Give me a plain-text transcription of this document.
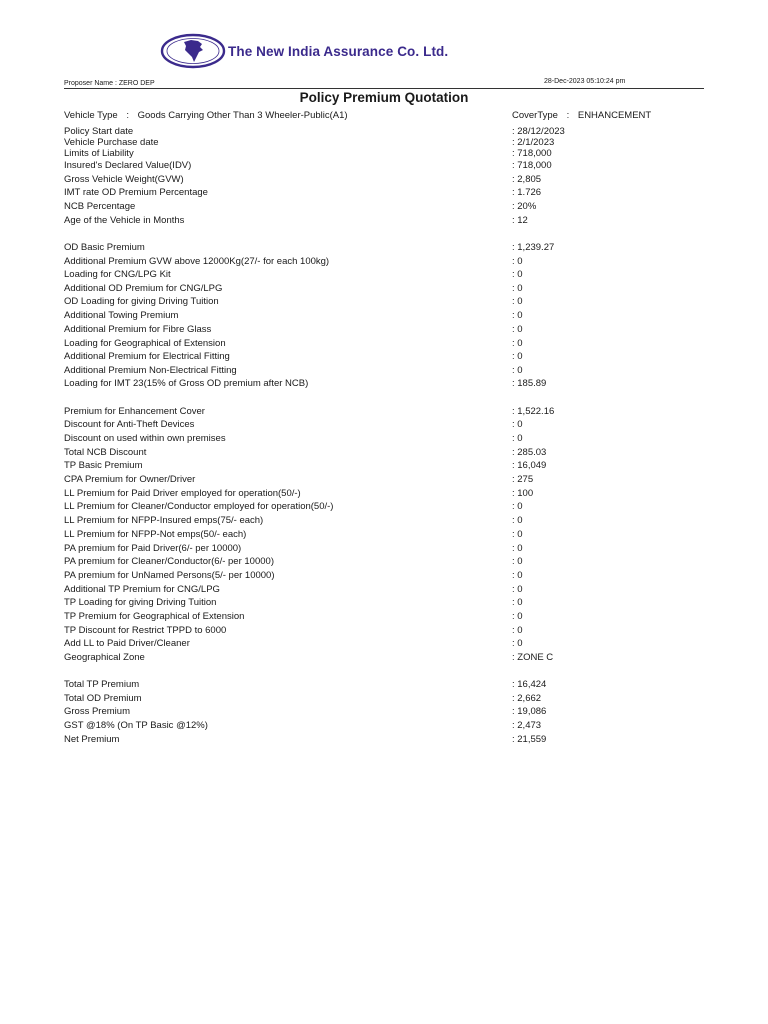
The New India Assurance Co. Ltd.
Proposer Name : ZERO DEP	28-Dec-2023 05:10:24 pm
Policy Premium Quotation
Vehicle Type : Goods Carrying Other Than 3 Wheeler-Public(A1)	CoverType : ENHANCEMENT
Policy Start date	: 28/12/2023
Vehicle Purchase date	: 2/1/2023
Limits of Liability	: 718,000
Insured's Declared Value(IDV)	: 718,000
Gross Vehicle Weight(GVW)	: 2,805
IMT rate OD Premium Percentage	: 1.726
NCB Percentage	: 20%
Age of the Vehicle in Months	: 12
OD Basic Premium	: 1,239.27
Additional Premium GVW above 12000Kg(27/- for each 100kg)	: 0
Loading for CNG/LPG Kit	: 0
Additional OD Premium for CNG/LPG	: 0
OD Loading for giving Driving Tuition	: 0
Additional Towing Premium	: 0
Additional Premium for Fibre Glass	: 0
Loading for Geographical of Extension	: 0
Additional Premium for Electrical Fitting	: 0
Additional Premium Non-Electrical Fitting	: 0
Loading for IMT 23(15% of Gross OD premium after NCB)	: 185.89
Premium for Enhancement Cover	: 1,522.16
Discount for Anti-Theft Devices	: 0
Discount on used within own premises	: 0
Total NCB Discount	: 285.03
TP Basic Premium	: 16,049
CPA Premium for Owner/Driver	: 275
LL Premium for Paid Driver employed for operation(50/-)	: 100
LL Premium for Cleaner/Conductor employed for operation(50/-)	: 0
LL Premium for NFPP-Insured emps(75/- each)	: 0
LL Premium for NFPP-Not emps(50/- each)	: 0
PA premium for Paid Driver(6/- per 10000)	: 0
PA premium for Cleaner/Conductor(6/- per 10000)	: 0
PA premium for UnNamed Persons(5/- per 10000)	: 0
Additional TP Premium for CNG/LPG	: 0
TP Loading for giving Driving Tuition	: 0
TP Premium for Geographical of Extension	: 0
TP Discount for Restrict TPPD to 6000	: 0
Add LL to Paid Driver/Cleaner	: 0
Geographical Zone	: ZONE C
Total TP Premium	: 16,424
Total OD Premium	: 2,662
Gross Premium	: 19,086
GST @18% (On TP Basic @12%)	: 2,473
Net Premium	: 21,559
